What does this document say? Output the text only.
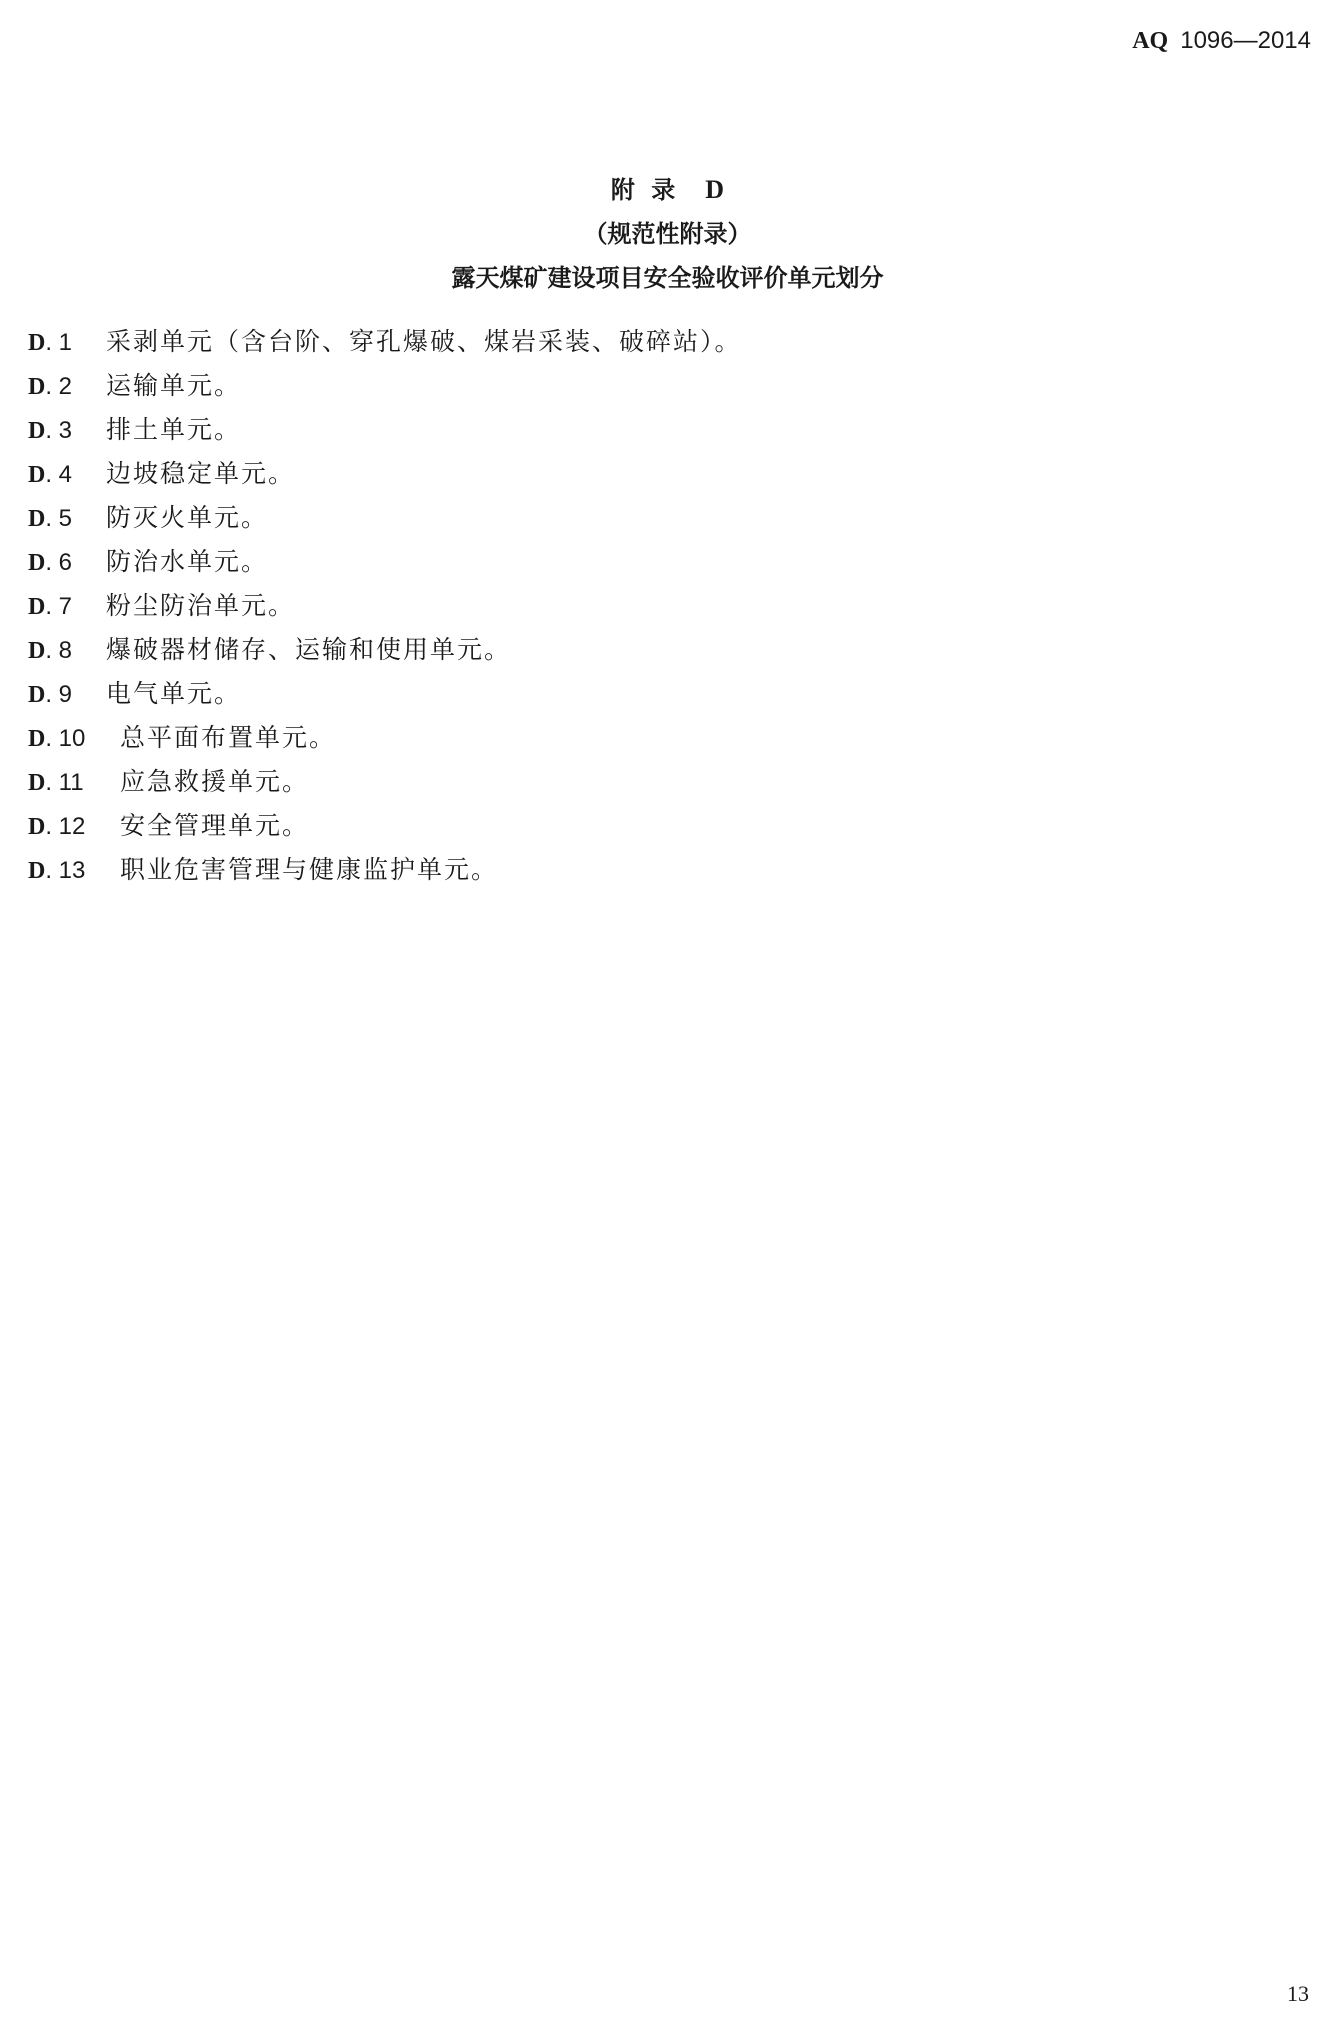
AQ 1096—2014
附 录 D
（规范性附录）
露天煤矿建设项目安全验收评价单元划分
D. 1 采剥单元（含台阶、穿孔爆破、煤岩采装、破碎站）。
D. 2 运输单元。
D. 3 排土单元。
D. 4 边坡稳定单元。
D. 5 防灭火单元。
D. 6 防治水单元。
D. 7 粉尘防治单元。
D. 8 爆破器材储存、运输和使用单元。
D. 9 电气单元。
D. 10 总平面布置单元。
D. 11 应急救援单元。
D. 12 安全管理单元。
D. 13 职业危害管理与健康监护单元。
13
